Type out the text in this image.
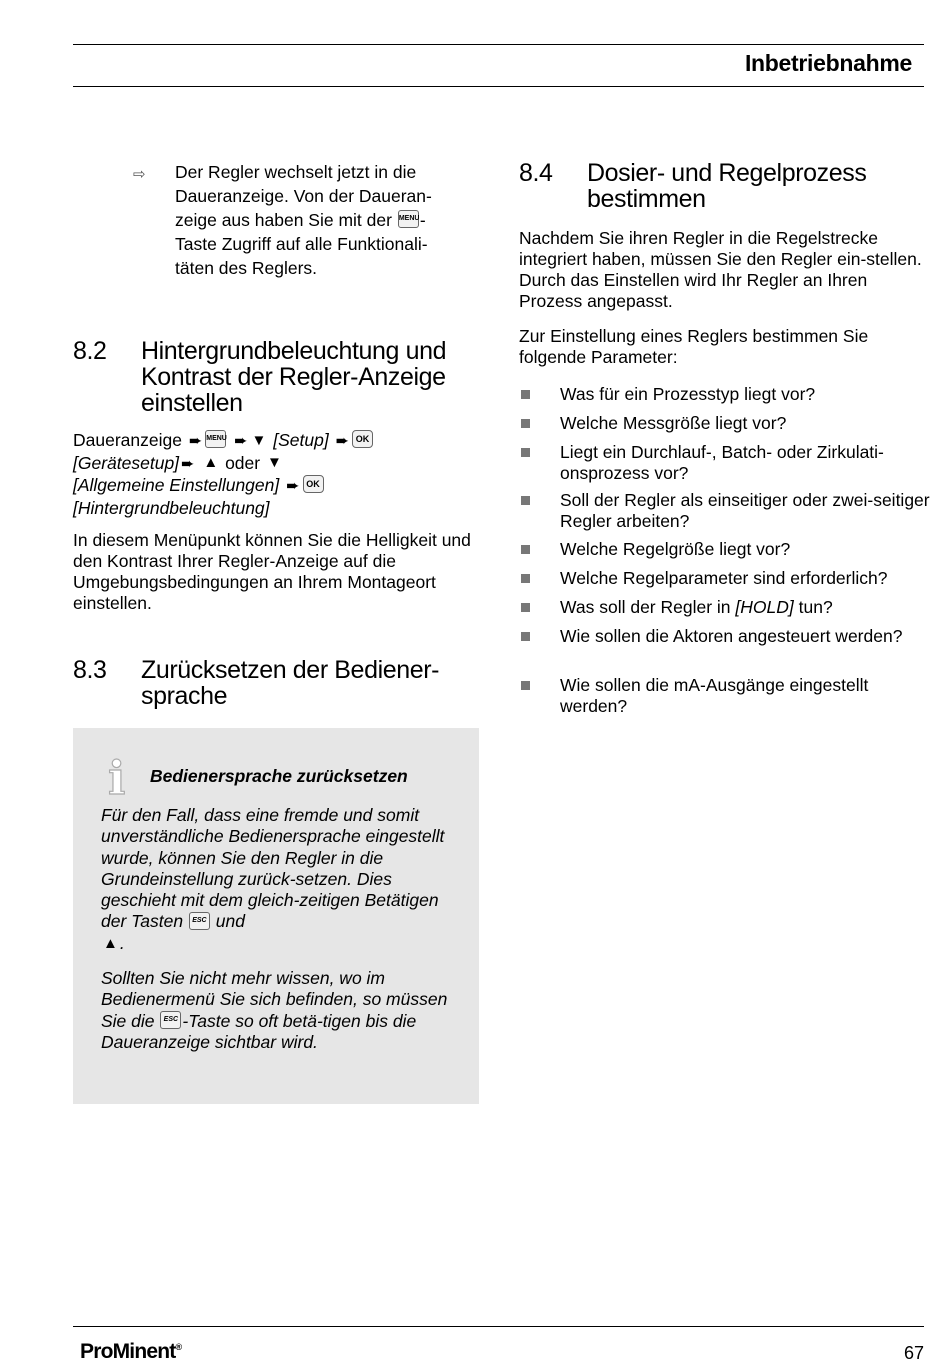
Inbetriebnahme
⇨ Der Regler wechselt jetzt in die Daueranzeige. Von der Daueran-zeige aus haben Sie mit der MENU-Taste Zugriff auf alle Funktionali-täten des Reglers.

8.2 Hintergrundbeleuchtung und Kontrast der Regler-Anzeige einstellen

Daueranzeige ➨ MENU ➨ ▼ [Setup] ➨ OK
[Gerätesetup] ➨ ▲ oder ▼
[Allgemeine Einstellungen] ➨ OK
[Hintergrundbeleuchtung]

In diesem Menüpunkt können Sie die Helligkeit und den Kontrast Ihrer Regler-Anzeige auf die Umgebungsbedingungen an Ihrem Montageort einstellen.

8.3 Zurücksetzen der Bediener-sprache
i Bedienersprache zurücksetzen

Für den Fall, dass eine fremde und somit unverständliche Bedienersprache eingestellt wurde, können Sie den Regler in die Grundeinstellung zurück-setzen. Dies geschieht mit dem gleich-zeitigen Betätigen der Tasten ESC und
▲ .

Sollten Sie nicht mehr wissen, wo im Bedienermenü Sie sich befinden, so müssen Sie die ESC -Taste so oft betä-tigen bis die Daueranzeige sichtbar wird.

8.4 Dosier- und Regelprozess bestimmen

Nachdem Sie ihren Regler in die Regelstrecke integriert haben, müssen Sie den Regler ein-stellen. Durch das Einstellen wird Ihr Regler an Ihren Prozess angepasst.

Zur Einstellung eines Reglers bestimmen Sie folgende Parameter:

Was für ein Prozesstyp liegt vor?

Welche Messgröße liegt vor?

Liegt ein Durchlauf-, Batch- oder Zirkulati-onsprozess vor?

Soll der Regler als einseitiger oder zwei-seitiger Regler arbeiten?

Welche Regelgröße liegt vor?

Welche Regelparameter sind erforderlich?

Was soll der Regler in [HOLD] tun?

Wie sollen die Aktoren angesteuert werden?

Wie sollen die mA-Ausgänge eingestellt werden?

ProMinent®	67
